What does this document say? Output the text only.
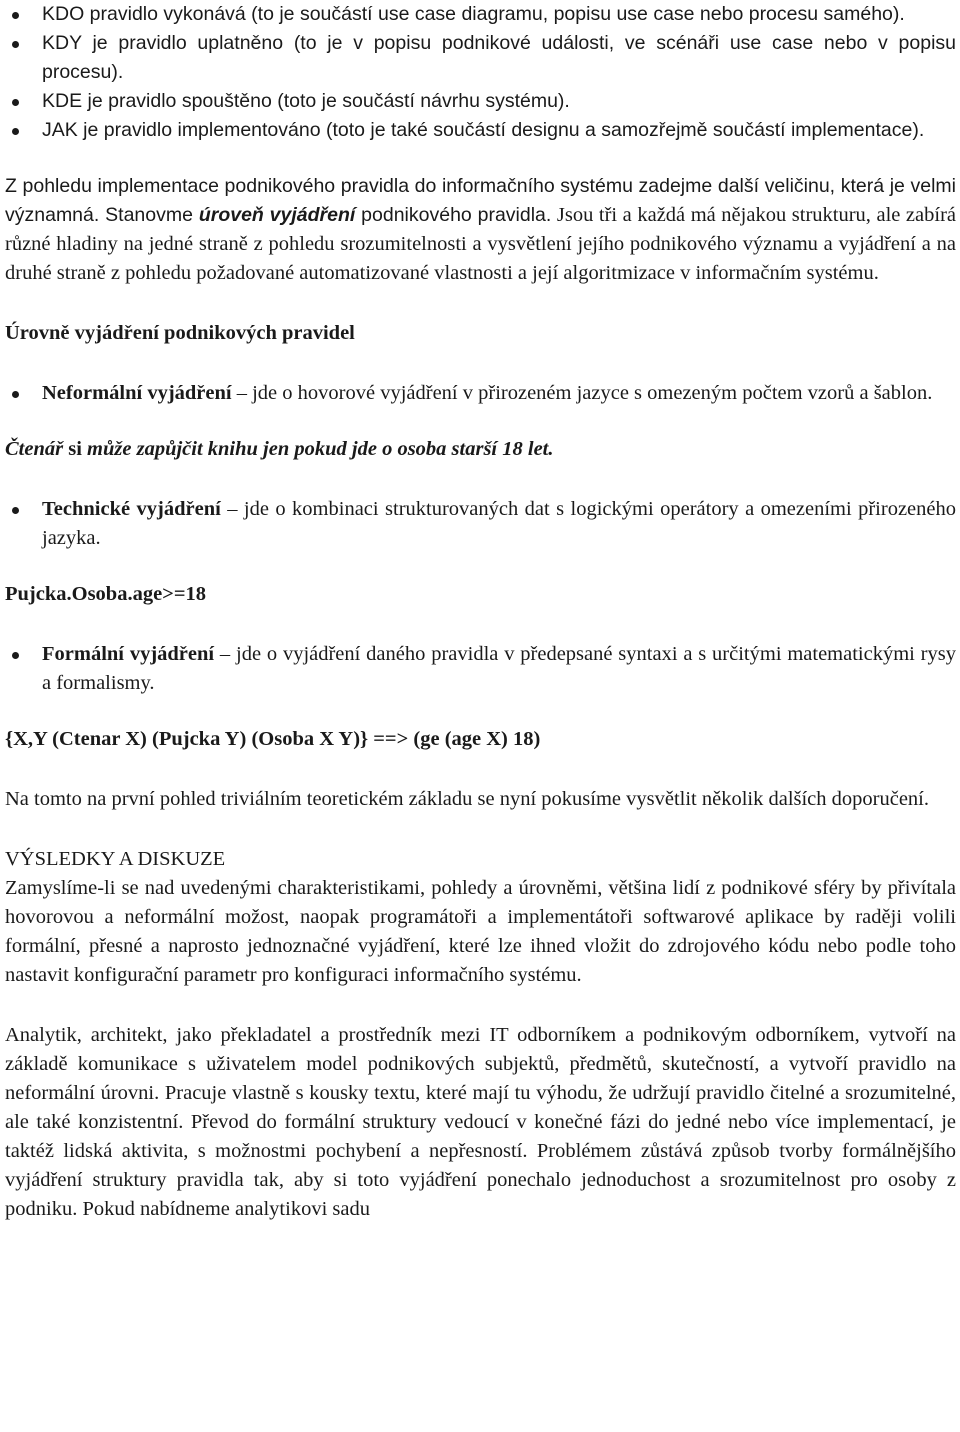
KDO pravidlo vykonává (to je součástí use case diagramu, popisu use case nebo procesu samého).
KDY je pravidlo uplatněno (to je v popisu podnikové události, ve scénáři use case nebo v popisu procesu).
KDE je pravidlo spouštěno (toto je součástí návrhu systému).
JAK je pravidlo implementováno (toto je také součástí designu a samozřejmě součástí implementace).

Z pohledu implementace podnikového pravidla do informačního systému zadejme další veličinu, která je velmi významná. Stanovme úroveň vyjádření podnikového pravidla. Jsou tři a každá má nějakou strukturu, ale zabírá různé hladiny na jedné straně z pohledu srozumitelnosti a vysvětlení jejího podnikového významu a vyjádření a na druhé straně z pohledu požadované automatizované vlastnosti a její algoritmizace v informačním systému.

Úrovně vyjádření podnikových pravidel

Neformální vyjádření – jde o hovorové vyjádření v přirozeném jazyce s omezeným počtem vzorů a šablon.

Čtenář si může zapůjčit knihu jen pokud jde o osoba starší 18 let.

Technické vyjádření – jde o kombinaci strukturovaných dat s logickými operátory a omezeními přirozeného jazyka.

Pujcka.Osoba.age>=18

Formální vyjádření – jde o vyjádření daného pravidla v předepsané syntaxi a s určitými matematickými rysy a formalismy.

{X,Y (Ctenar X) (Pujcka Y) (Osoba X Y)} ==> (ge (age X) 18)

Na tomto na první pohled triviálním teoretickém základu se nyní pokusíme vysvětlit několik dalších doporučení.

VÝSLEDKY A DISKUZE

Zamyslíme-li se nad uvedenými charakteristikami, pohledy a úrovněmi, většina lidí z podnikové sféry by přivítala hovorovou a neformální možost, naopak programátoři a implementátoři softwarové aplikace by raději volili formální, přesné a naprosto jednoznačné vyjádření, které lze ihned vložit do zdrojového kódu nebo podle toho nastavit konfigurační parametr pro konfiguraci informačního systému.

Analytik, architekt, jako překladatel a prostředník mezi IT odborníkem a podnikovým odborníkem, vytvoří na základě komunikace s uživatelem model podnikových subjektů, předmětů, skutečností, a vytvoří pravidlo na neformální úrovni. Pracuje vlastně s kousky textu, které mají tu výhodu, že udržují pravidlo čitelné a srozumitelné, ale také konzistentní. Převod do formální struktury vedoucí v konečné fázi do jedné nebo více implementací, je taktéž lidská aktivita, s možnostmi pochybení a nepřesností. Problémem zůstává způsob tvorby formálnějšího vyjádření struktury pravidla tak, aby si toto vyjádření ponechalo jednoduchost a srozumitelnost pro osoby z podniku. Pokud nabídneme analytikovi sadu
